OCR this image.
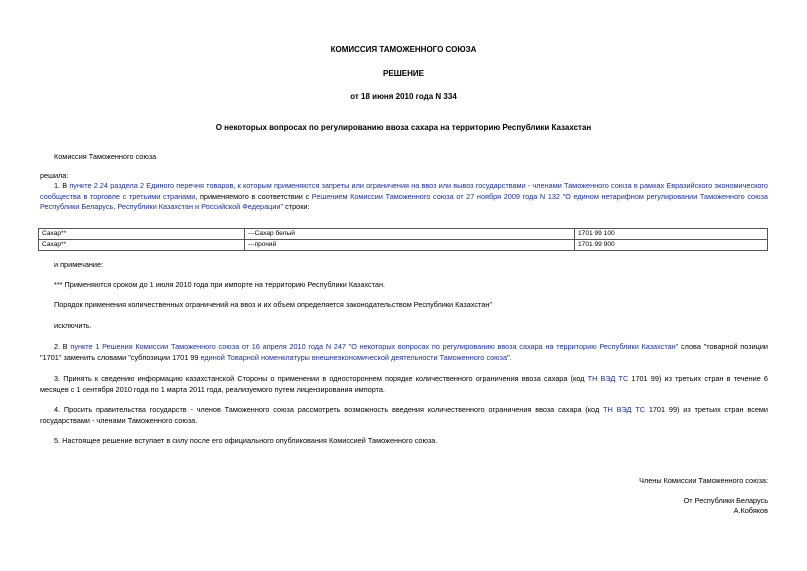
КОМИССИЯ ТАМОЖЕННОГО СОЮЗА
РЕШЕНИЕ
от 18 июня 2010 года N 334
О некоторых вопросах по регулированию ввоза сахара на территорию Республики Казахстан
Комиссия Таможенного союза
решила:
1. В пункте 2.24 раздела 2 Единого перечня товаров, к которым применяются запреты или ограничения на ввоз или вывоз государствами - членами Таможенного союза в рамках Евразийского экономического сообщества в торговле с третьими странами, применяемого в соответствии с Решением Комиссии Таможенного союза от 27 ноября 2009 года N 132 "О едином нетарифном регулировании Таможенного союза Республики Беларусь, Республики Казахстан и Российской Федерации" строки:
Сахар**	---Сахар белый	1701 99 100
Сахар**	---прочий	1701 99 900
и примечание:
*** Применяются сроком до 1 июля 2010 года при импорте на территорию Республики Казахстан.
Порядок применения количественных ограничений на ввоз и их объем определяется законодательством Республики Казахстан"
исключить.
2. В пункте 1 Решения Комиссии Таможенного союза от 16 апреля 2010 года N 247 "О некоторых вопросах по регулированию ввоза сахара на территорию Республики Казахстан" слова "товарной позиции "1701" заменить словами "субпозиции 1701 99 единой Товарной номенклатуры внешнеэкономической деятельности Таможенного союза".
3. Принять к сведению информацию казахстанской Стороны о применении в одностороннем порядке количественного ограничения ввоза сахара (код ТН ВЭД ТС 1701 99) из третьих стран в течение 6 месяцев с 1 сентября 2010 года по 1 марта 2011 года, реализуемого путем лицензирования импорта.
4. Просить правительства государств - членов Таможенного союза рассмотреть возможность введения количественного ограничения ввоза сахара (код ТН ВЭД ТС 1701 99) из третьих стран всеми государствами - членами Таможенного союза.
5. Настоящее решение вступает в силу после его официального опубликования Комиссией Таможенного союза.
Члены Комиссии Таможенного союза:
От Республики Беларусь
А.Кобяков
